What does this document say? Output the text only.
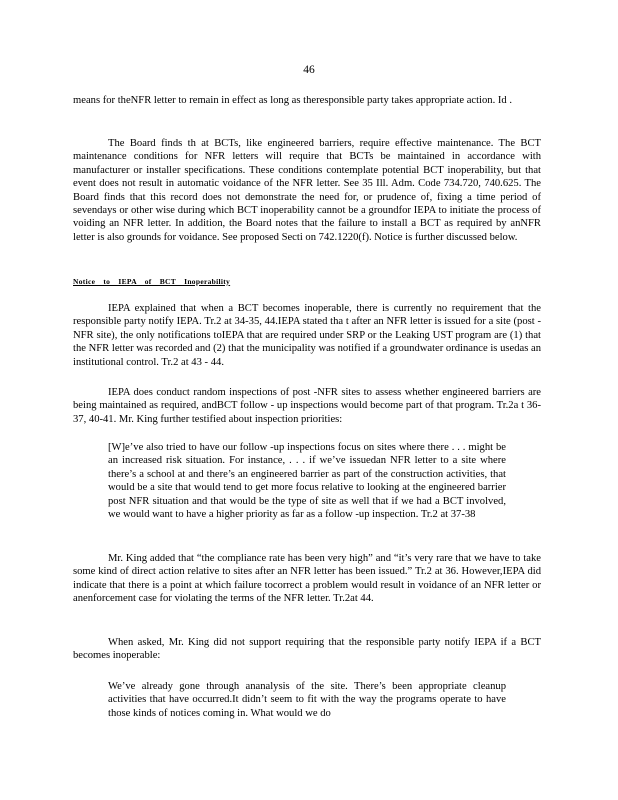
46
means for theNFR letter to remain in effect as long as theresponsible party takes appropriate action. Id .
The Board finds th at BCTs, like engineered barriers, require effective maintenance. The BCT maintenance conditions for NFR letters will require that BCTs be maintained in accordance with manufacturer or installer specifications. These conditions contemplate potential BCT inoperability, but that event does not result in automatic voidance of the NFR letter. See 35 Ill. Adm. Code 734.720, 740.625. The Board finds that this record does not demonstrate the need for, or prudence of, fixing a time period of sevendays or other wise during which BCT inoperability cannot be a groundfor IEPA to initiate the process of voiding an NFR letter. In addition, the Board notes that the failure to install a BCT as required by anNFR letter is also grounds for voidance. See proposed Secti on 742.1220(f). Notice is further discussed below.
Notice to IEPA of BCT Inoperability
IEPA explained that when a BCT becomes inoperable, there is currently no requirement that the responsible party notify IEPA. Tr.2 at 34-35, 44.IEPA stated tha t after an NFR letter is issued for a site (post -NFR site), the only notifications toIEPA that are required under SRP or the Leaking UST program are (1) that the NFR letter was recorded and (2) that the municipality was notified if a groundwater ordinance is usedas an institutional control. Tr.2 at 43 - 44.
IEPA does conduct random inspections of post -NFR sites to assess whether engineered barriers are being maintained as required, andBCT follow - up inspections would become part of that program. Tr.2a t 36-37, 40-41. Mr. King further testified about inspection priorities:
[W]e’ve also tried to have our follow -up inspections focus on sites where there . . . might be an increased risk situation. For instance, . . . if we’ve issuedan NFR letter to a site where there’s a school at and there’s an engineered barrier as part of the construction activities, that would be a site that would tend to get more focus relative to looking at the engineered barrier post NFR situation and that would be the type of site as well that if we had a BCT involved, we would want to have a higher priority as far as a follow -up inspection. Tr.2 at 37-38
Mr. King added that “the compliance rate has been very high” and “it’s very rare that we have to take some kind of direct action relative to sites after an NFR letter has been issued.” Tr.2 at 36. However,IEPA did indicate that there is a point at which failure tocorrect a problem would result in voidance of an NFR letter or anenforcement case for violating the terms of the NFR letter. Tr.2at 44.
When asked, Mr. King did not support requiring that the responsible party notify IEPA if a BCT becomes inoperable:
We’ve already gone through ananalysis of the site. There’s been appropriate cleanup activities that have occurred.It didn’t seem to fit with the way the programs operate to have those kinds of notices coming in. What would we do
